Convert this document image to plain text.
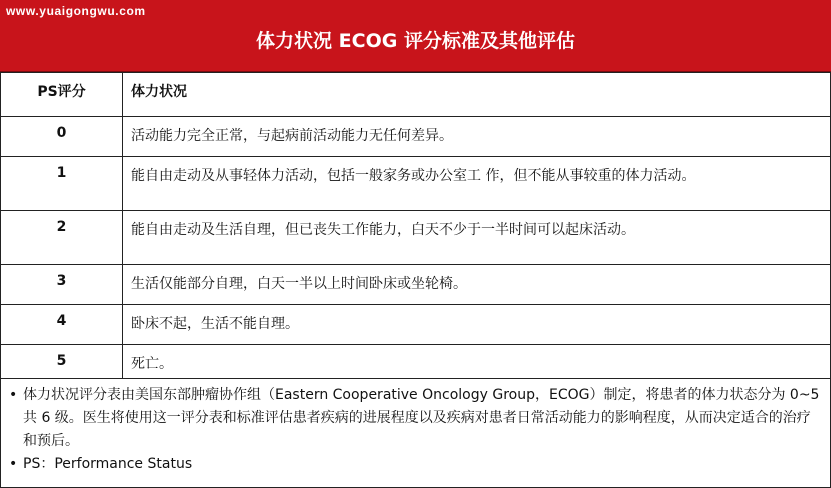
www.yuaigongwu.com
体力状况 ECOG 评分标准及其他评估
PS评分	体力状况
0	活动能力完全正常，与起病前活动能力无任何差异。
1	能自由走动及从事轻体力活动，包括一般家务或办公室工 作，但不能从事较重的体力活动。
2	能自由走动及生活自理，但已丧失工作能力，白天不少于一半时间可以起床活动。
3	生活仅能部分自理，白天一半以上时间卧床或坐轮椅。
4	卧床不起，生活不能自理。
5	死亡。
• 体力状况评分表由美国东部肿瘤协作组（Eastern Cooperative Oncology Group，ECOG）制定，将患者的体力状态分为 0~5 共 6 级。医生将使用这一评分表和标准评估患者疾病的进展程度以及疾病对患者日常活动能力的影响程度，从而决定适合的治疗和预后。
• PS：Performance Status
